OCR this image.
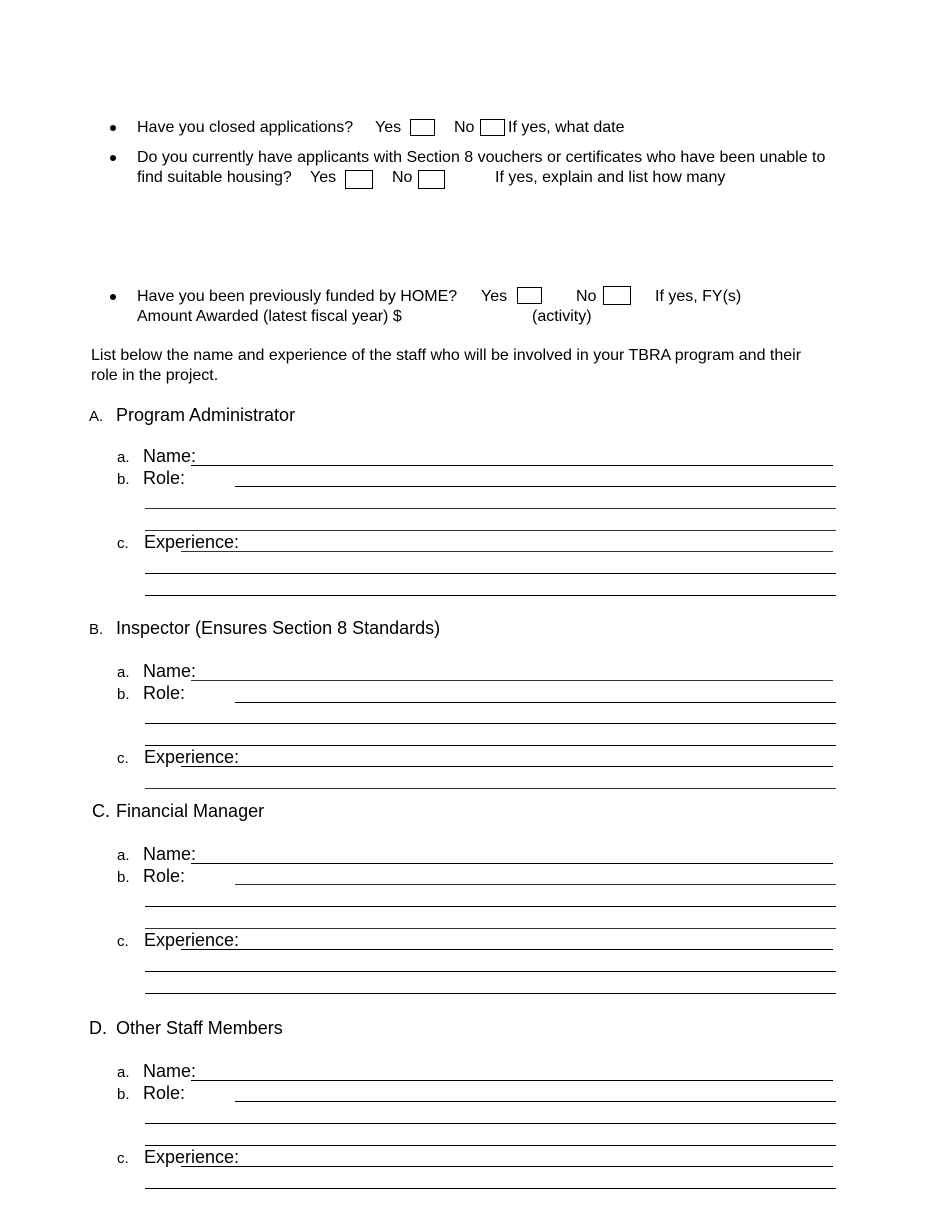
Have you closed applications? Yes	No If yes, what date
Do you currently have applicants with Section 8 vouchers or certificates who have been unable to
find suitable housing? Yes	No	If yes, explain and list how many
Have you been previously funded by HOME? Yes	No	If yes, FY(s)
Amount Awarded (latest fiscal year) $	(activity)
List below the name and experience of the staff who will be involved in your TBRA program and their
role in the project.
A. Program Administrator
a. Name:
b. Role:
c. Experience:
B. Inspector (Ensures Section 8 Standards)
a. Name:
b. Role:
c. Experience:
C. Financial Manager
a. Name:
b. Role:
c. Experience:
D. Other Staff Members
a. Name:
b. Role:
c. Experience:
